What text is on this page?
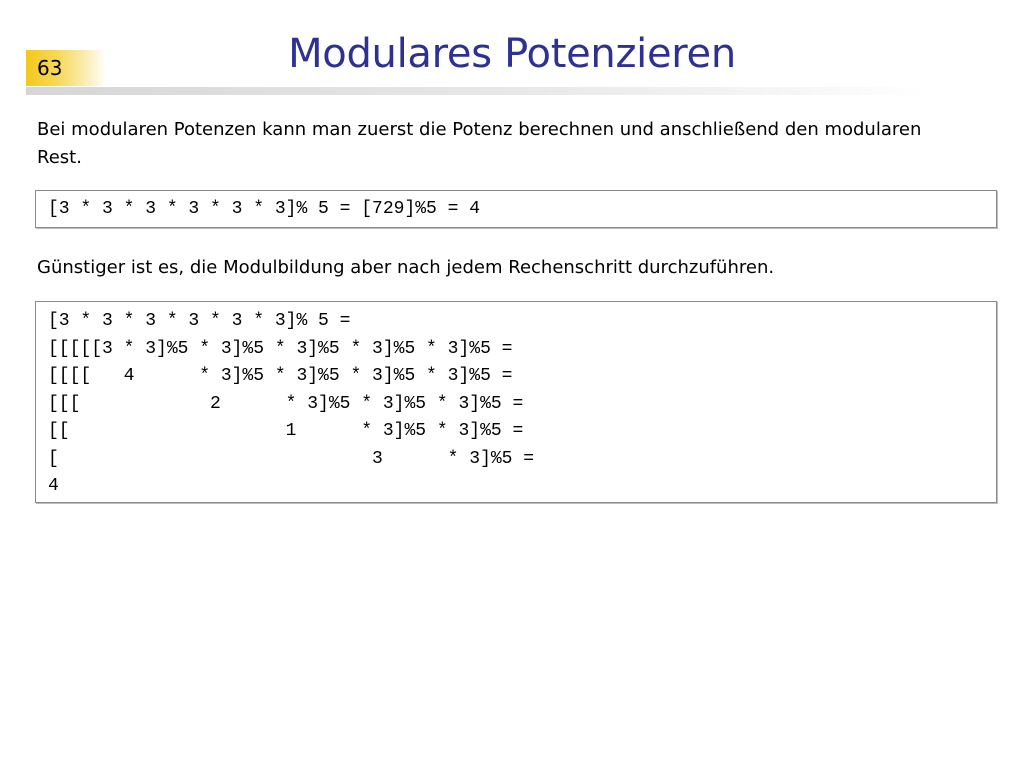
63	Modulares Potenzieren

Bei modularen Potenzen kann man zuerst die Potenz berechnen und anschließend den modularen Rest.

[3 * 3 * 3 * 3 * 3 * 3]% 5 = [729]%5 = 4

Günstiger ist es, die Modulbildung aber nach jedem Rechenschritt durchzuführen.

[3 * 3 * 3 * 3 * 3 * 3]% 5 =
[[[[[3 * 3]%5 * 3]%5 * 3]%5 * 3]%5 * 3]%5 =
[[[[   4      * 3]%5 * 3]%5 * 3]%5 * 3]%5 =
[[[            2      * 3]%5 * 3]%5 * 3]%5 =
[[                    1      * 3]%5 * 3]%5 =
[                             3      * 3]%5 =
4
